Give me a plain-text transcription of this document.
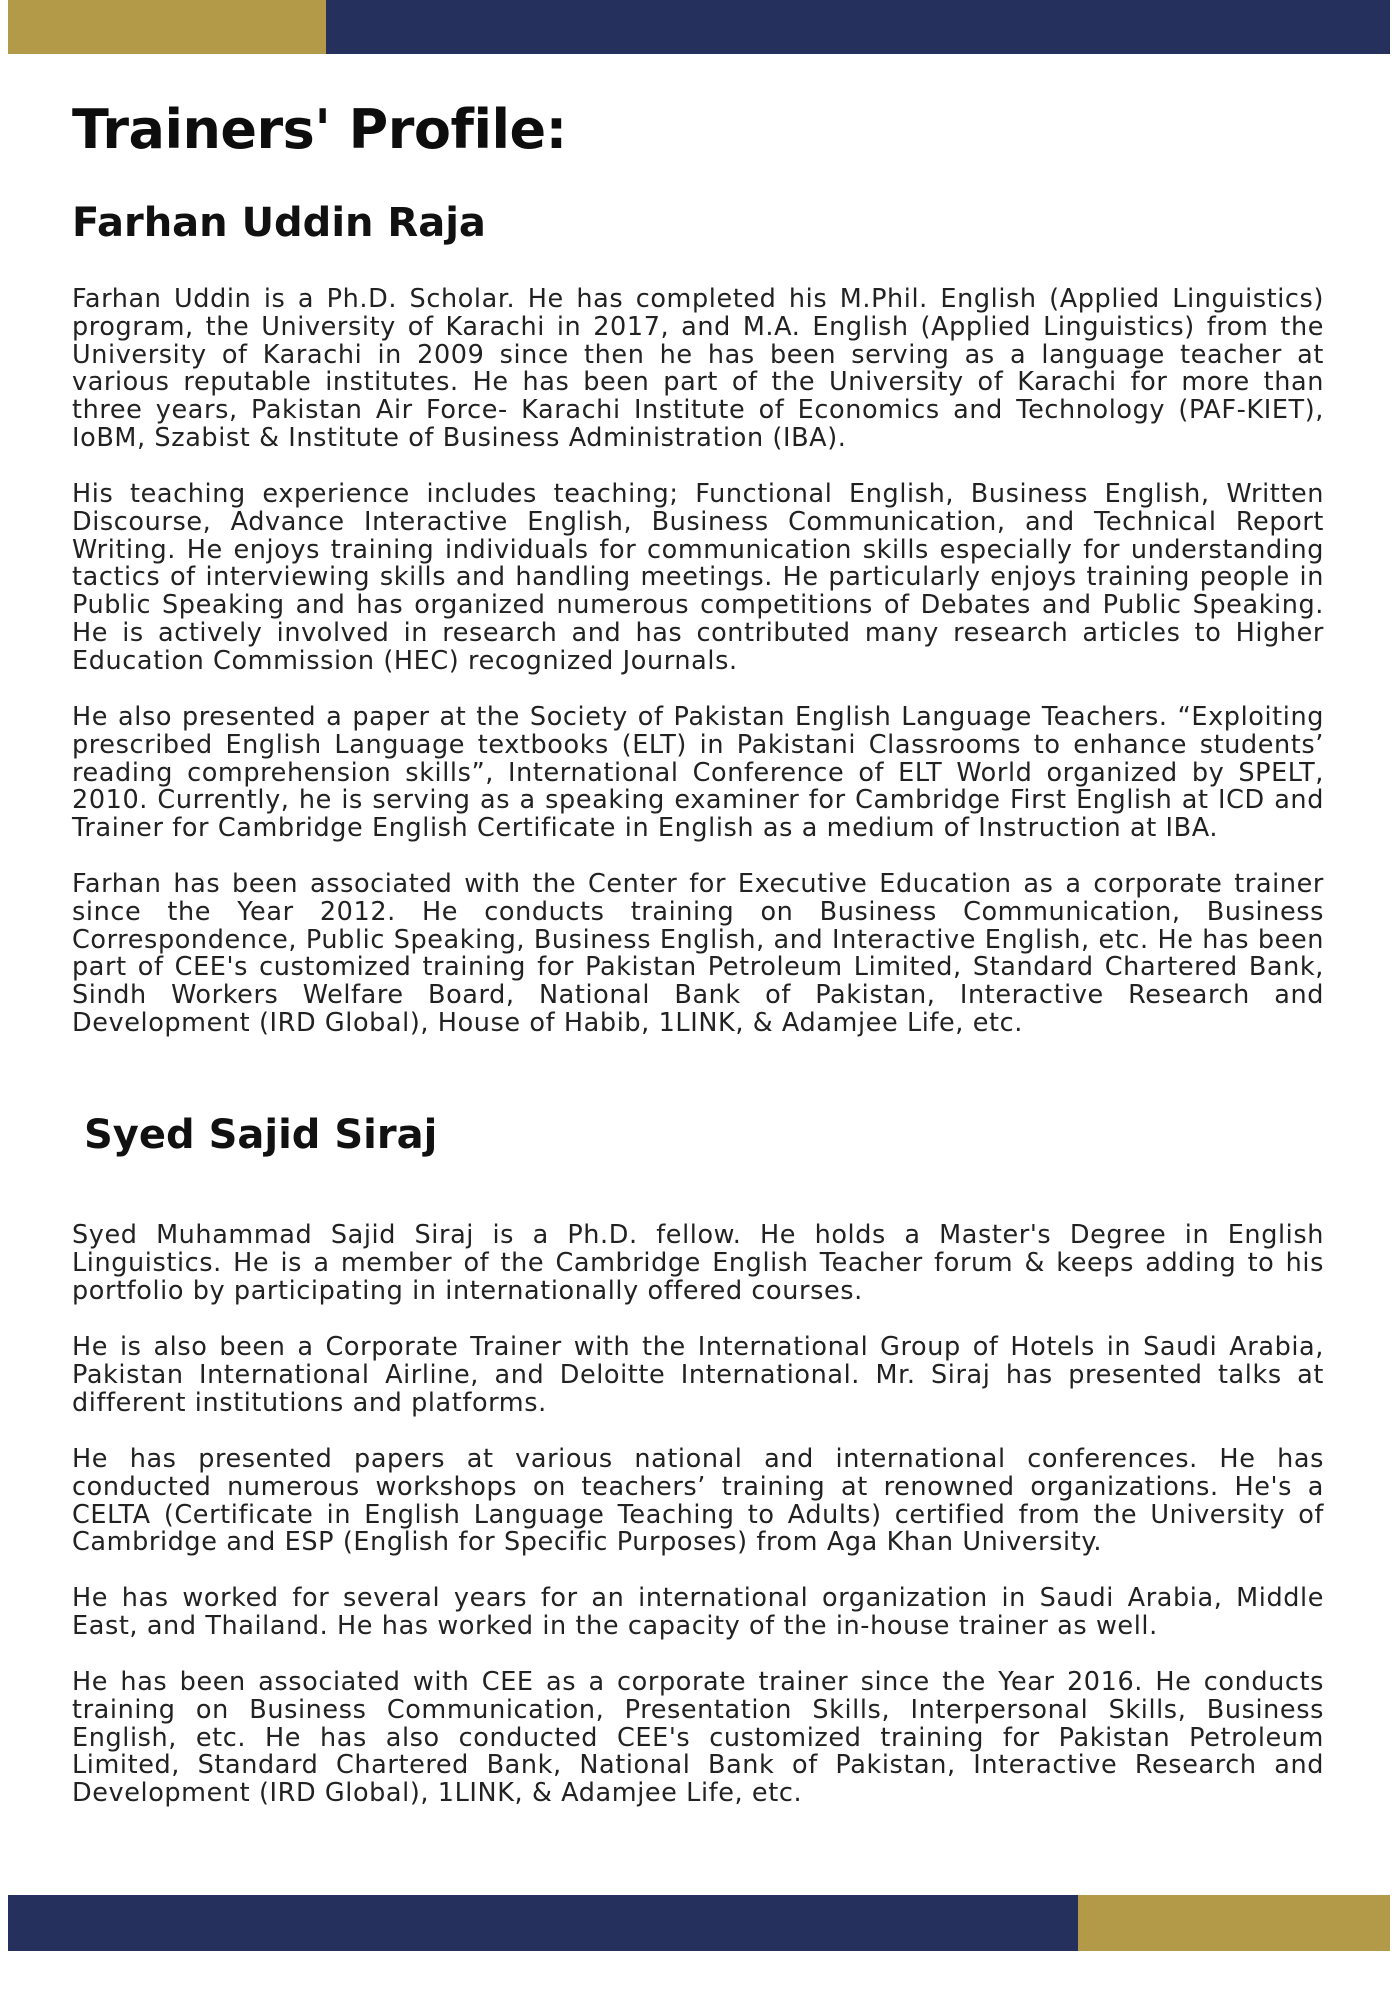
Trainers' Profile:
Farhan Uddin Raja

Farhan Uddin is a Ph.D. Scholar. He has completed his M.Phil. English (Applied Linguistics) program, the University of Karachi in 2017, and M.A. English (Applied Linguistics) from the University of Karachi in 2009 since then he has been serving as a language teacher at various reputable institutes. He has been part of the University of Karachi for more than three years, Pakistan Air Force- Karachi Institute of Economics and Technology (PAF-KIET), IoBM, Szabist & Institute of Business Administration (IBA).

His teaching experience includes teaching; Functional English, Business English, Written Discourse, Advance Interactive English, Business Communication, and Technical Report Writing. He enjoys training individuals for communication skills especially for understanding tactics of interviewing skills and handling meetings. He particularly enjoys training people in Public Speaking and has organized numerous competitions of Debates and Public Speaking. He is actively involved in research and has contributed many research articles to Higher Education Commission (HEC) recognized Journals.

He also presented a paper at the Society of Pakistan English Language Teachers. “Exploiting prescribed English Language textbooks (ELT) in Pakistani Classrooms to enhance students’ reading comprehension skills”, International Conference of ELT World organized by SPELT, 2010. Currently, he is serving as a speaking examiner for Cambridge First English at ICD and Trainer for Cambridge English Certificate in English as a medium of Instruction at IBA.

Farhan has been associated with the Center for Executive Education as a corporate trainer since the Year 2012. He conducts training on Business Communication, Business Correspondence, Public Speaking, Business English, and Interactive English, etc. He has been part of CEE's customized training for Pakistan Petroleum Limited, Standard Chartered Bank, Sindh Workers Welfare Board, National Bank of Pakistan, Interactive Research and Development (IRD Global), House of Habib, 1LINK, & Adamjee Life, etc.

Syed Sajid Siraj

Syed Muhammad Sajid Siraj is a Ph.D. fellow. He holds a Master's Degree in English Linguistics. He is a member of the Cambridge English Teacher forum & keeps adding to his portfolio by participating in internationally offered courses.

He is also been a Corporate Trainer with the International Group of Hotels in Saudi Arabia, Pakistan International Airline, and Deloitte International. Mr. Siraj has presented talks at different institutions and platforms.

He has presented papers at various national and international conferences. He has conducted numerous workshops on teachers’ training at renowned organizations. He's a CELTA (Certificate in English Language Teaching to Adults) certified from the University of Cambridge and ESP (English for Specific Purposes) from Aga Khan University.

He has worked for several years for an international organization in Saudi Arabia, Middle East, and Thailand. He has worked in the capacity of the in-house trainer as well.

He has been associated with CEE as a corporate trainer since the Year 2016. He conducts training on Business Communication, Presentation Skills, Interpersonal Skills, Business English, etc. He has also conducted CEE's customized training for Pakistan Petroleum Limited, Standard Chartered Bank, National Bank of Pakistan, Interactive Research and Development (IRD Global), 1LINK, & Adamjee Life, etc.
